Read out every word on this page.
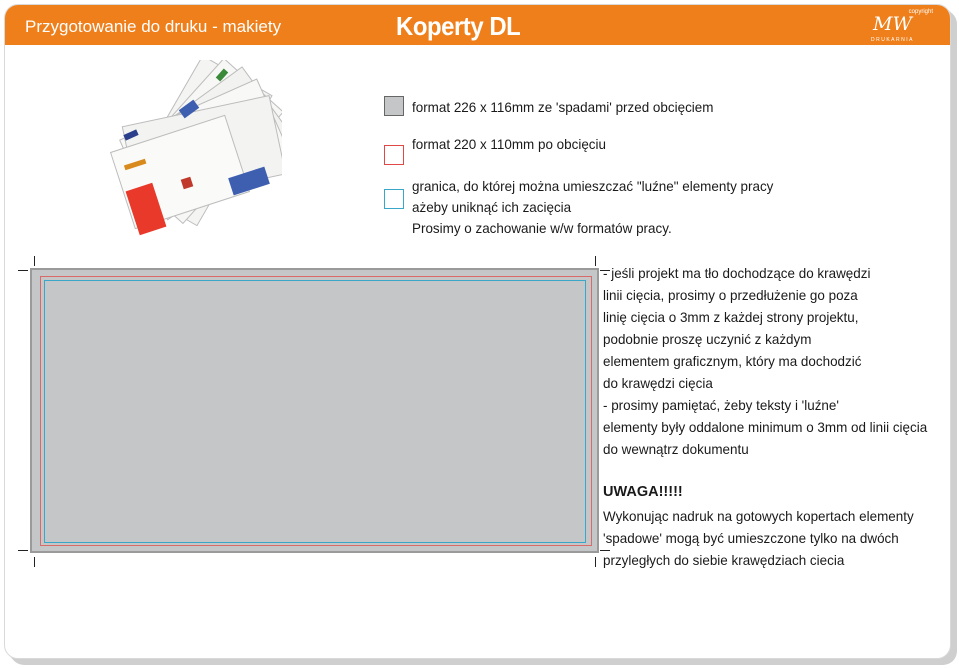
Przygotowanie do druku - makiety	Koperty DL	copyright
MW
DRUKARNIA
format 226 x 116mm ze 'spadami' przed obcięciem
format 220 x 110mm po obcięciu
granica, do której można umieszczać "luźne" elementy pracy
ażeby uniknąć ich zacięcia
Prosimy o zachowanie w/w formatów pracy.
- jeśli projekt ma tło dochodzące do krawędzi
linii cięcia, prosimy o przedłużenie go poza
linię cięcia o 3mm z każdej strony projektu,
podobnie proszę uczynić z każdym
elementem graficznym, który ma dochodzić
do krawędzi cięcia
- prosimy pamiętać, żeby teksty i 'luźne'
elementy były oddalone minimum o 3mm od linii cięcia
do wewnątrz dokumentu
UWAGA!!!!!
Wykonując nadruk na gotowych kopertach elementy
'spadowe' mogą być umieszczone tylko na dwóch
przyległych do siebie krawędziach ciecia
